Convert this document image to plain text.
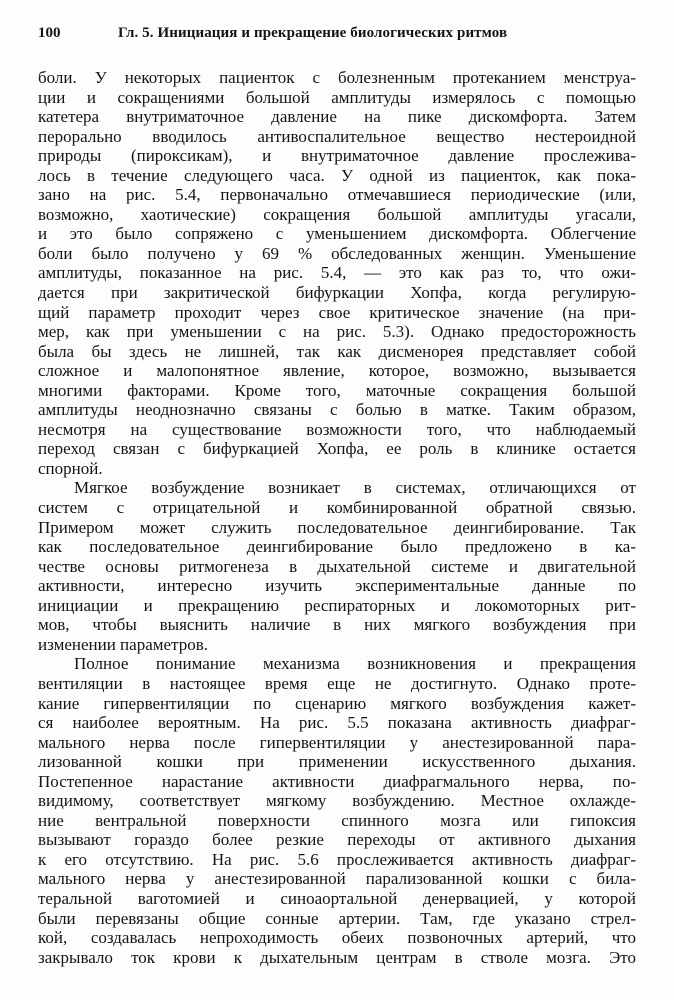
100	Гл. 5. Инициация и прекращение биологических ритмов
боли. У некоторых пациенток с болезненным протеканием менструа-
ции и сокращениями большой амплитуды измерялось с помощью
катетера внутриматочное давление на пике дискомфорта. Затем
перорально вводилось антивоспалительное вещество нестероидной
природы (пироксикам), и внутриматочное давление прослеживa-
лось в течение следующего часа. У одной из пациенток, как пока-
зано на рис. 5.4, первоначально отмечавшиеся периодические (или,
возможно, хаотические) сокращения большой амплитуды угасали,
и это было сопряжено с уменьшением дискомфорта. Облегчение
боли было получено у 69 % обследованных женщин. Уменьшение
амплитуды, показанное на рис. 5.4, — это как раз то, что ожи-
дается при закритической бифуркации Хопфа, когда регулирую-
щий параметр проходит через свое критическое значение (на при-
мер, как при уменьшении c на рис. 5.3). Однако предосторожность
была бы здесь не лишней, так как дисменорея представляет собой
сложное и малопонятное явление, которое, возможно, вызывается
многими факторами. Кроме того, маточные сокращения большой
амплитуды неоднозначно связаны с болью в матке. Таким образом,
несмотря на существование возможности того, что наблюдаемый
переход связан с бифуркацией Хопфа, ее роль в клинике остается
спорной.
Мягкое возбуждение возникает в системах, отличающихся от
систем с отрицательной и комбинированной обратной связью.
Примером может служить последовательное деингибирование. Так
как последовательное деингибирование было предложено в ка-
честве основы ритмогенеза в дыхательной системе и двигательной
активности, интересно изучить экспериментальные данные по
инициации и прекращению респираторных и локомоторных рит-
мов, чтобы выяснить наличие в них мягкого возбуждения при
изменении параметров.
Полное понимание механизма возникновения и прекращения
вентиляции в настоящее время еще не достигнуто. Однако проте-
кание гипервентиляции по сценарию мягкого возбуждения кажет-
ся наиболее вероятным. На рис. 5.5 показана активность диафраг-
мального нерва после гипервентиляции у анестезированной пара-
лизованной кошки при применении искусственного дыхания.
Постепенное нарастание активности диафрагмального нерва, по-
видимому, соответствует мягкому возбуждению. Местное охлажде-
ние вентральной поверхности спинного мозга или гипоксия
вызывают гораздо более резкие переходы от активного дыхания
к его отсутствию. На рис. 5.6 прослеживается активность диафраг-
мального нерва у анестезированной парализованной кошки с била-
теральной ваготомией и синоаортальной денервацией, у которой
были перевязаны общие сонные артерии. Там, где указано стрел-
кой, создавалась непроходимость обеих позвоночных артерий, что
закрывало ток крови к дыхательным центрам в стволе мозга. Это
